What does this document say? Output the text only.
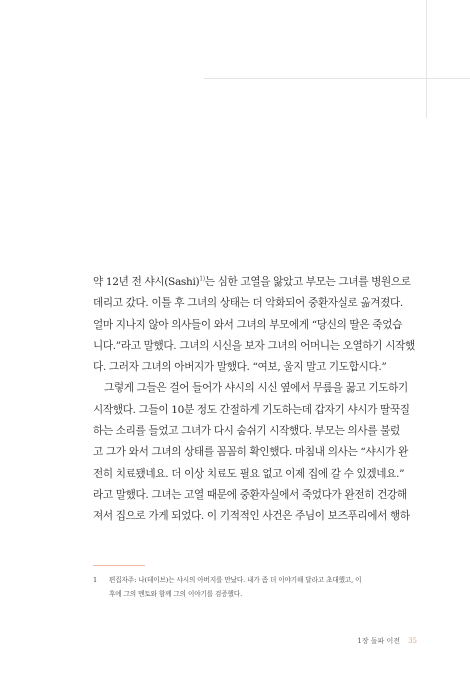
약 12년 전 샤시(Sashi)$^{1)}$는 심한 고열을 앓았고 부모는 그녀를 병원으로

데리고 갔다. 이틀 후 그녀의 상태는 더 악화되어 중환자실로 옮겨졌다.

얼마 지나지 않아 의사들이 와서 그녀의 부모에게 “당신의 딸은 죽었습

니다.”라고 말했다. 그녀의 시신을 보자 그녀의 어머니는 오열하기 시작했

다. 그러자 그녀의 아버지가 말했다. “여보, 울지 말고 기도합시다.”

그렇게 그들은 걸어 들어가 샤시의 시신 옆에서 무릎을 꿇고 기도하기

시작했다. 그들이 10분 정도 간절하게 기도하는데 갑자기 샤시가 딸꾹질

하는 소리를 들었고 그녀가 다시 숨쉬기 시작했다. 부모는 의사를 불렀

고 그가 와서 그녀의 상태를 꼼꼼히 확인했다. 마침내 의사는 “샤시가 완

전히 치료됐네요. 더 이상 치료도 필요 없고 이제 집에 갈 수 있겠네요.”

라고 말했다. 그녀는 고열 때문에 중환자실에서 죽었다가 완전히 건강해

져서 집으로 가게 되었다. 이 기적적인 사건은 주님이 보즈푸리에서 행하

1 편집자주: 나(데이브)는 샤시의 아버지를 만났다. 내가 좀 더 이야기해 달라고 초대했고, 이

후에 그의 멘토와 함께 그의 이야기를 검증했다.

1장 돌파 이전 35
